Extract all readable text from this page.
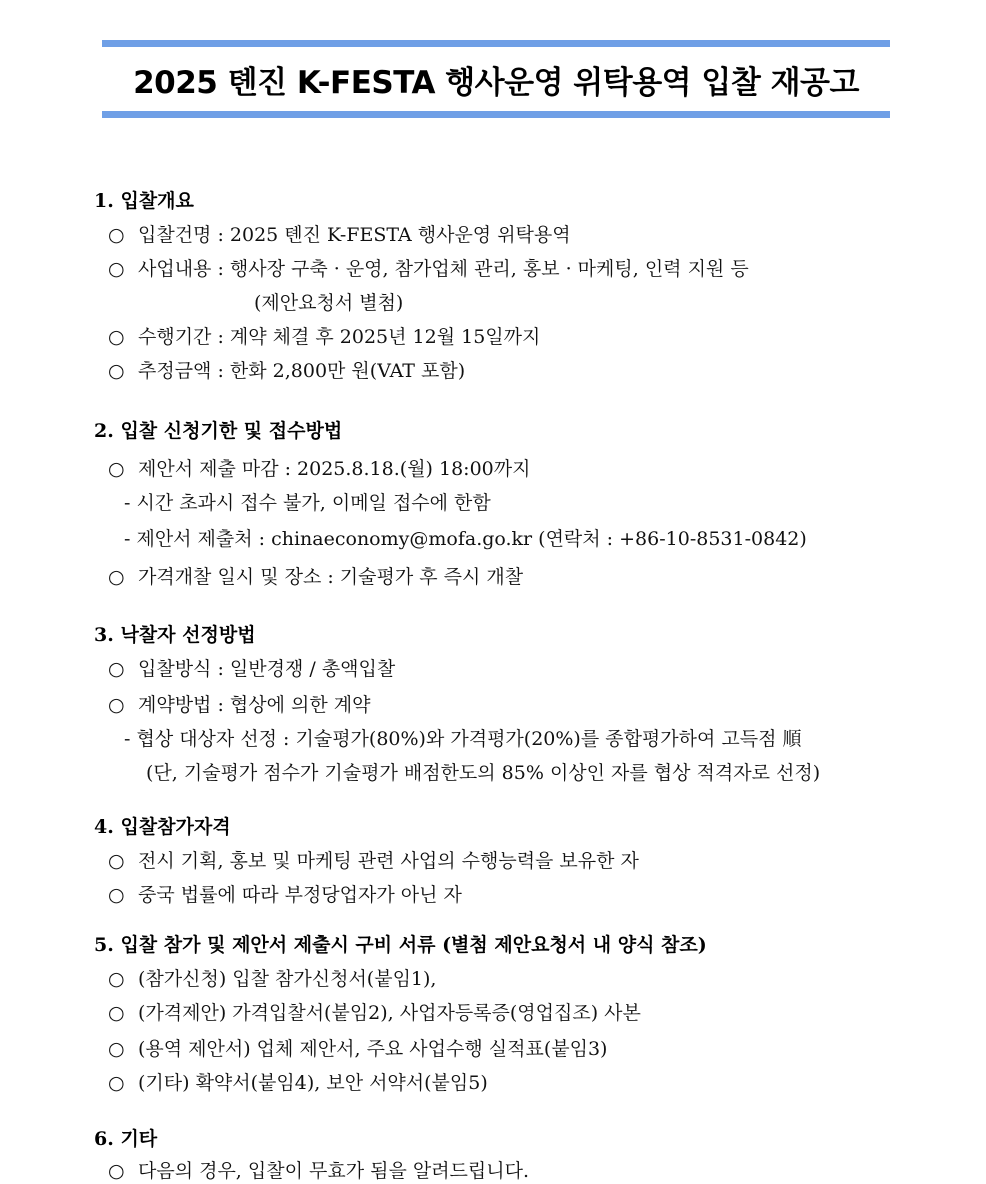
2025 톈진 K-FESTA 행사운영 위탁용역 입찰 재공고
1. 입찰개요
○ 입찰건명 : 2025 톈진 K-FESTA 행사운영 위탁용역
○ 사업내용 : 행사장 구축 · 운영, 참가업체 관리, 홍보 · 마케팅, 인력 지원 등
(제안요청서 별첨)
○ 수행기간 : 계약 체결 후 2025년 12월 15일까지
○ 추정금액 : 한화 2,800만 원(VAT 포함)
2. 입찰 신청기한 및 접수방법
○ 제안서 제출 마감 : 2025.8.18.(월) 18:00까지
- 시간 초과시 접수 불가, 이메일 접수에 한함
- 제안서 제출처 : chinaeconomy@mofa.go.kr (연락처 : +86-10-8531-0842)
○ 가격개찰 일시 및 장소 : 기술평가 후 즉시 개찰
3. 낙찰자 선정방법
○ 입찰방식 : 일반경쟁 / 총액입찰
○ 계약방법 : 협상에 의한 계약
- 협상 대상자 선정 : 기술평가(80%)와 가격평가(20%)를 종합평가하여 고득점 順
(단, 기술평가 점수가 기술평가 배점한도의 85% 이상인 자를 협상 적격자로 선정)
4. 입찰참가자격
○ 전시 기획, 홍보 및 마케팅 관련 사업의 수행능력을 보유한 자
○ 중국 법률에 따라 부정당업자가 아닌 자
5. 입찰 참가 및 제안서 제출시 구비 서류 (별첨 제안요청서 내 양식 참조)
○ (참가신청) 입찰 참가신청서(붙임1),
○ (가격제안) 가격입찰서(붙임2), 사업자등록증(영업집조) 사본
○ (용역 제안서) 업체 제안서, 주요 사업수행 실적표(붙임3)
○ (기타) 확약서(붙임4), 보안 서약서(붙임5)
6. 기타
○ 다음의 경우, 입찰이 무효가 됨을 알려드립니다.
